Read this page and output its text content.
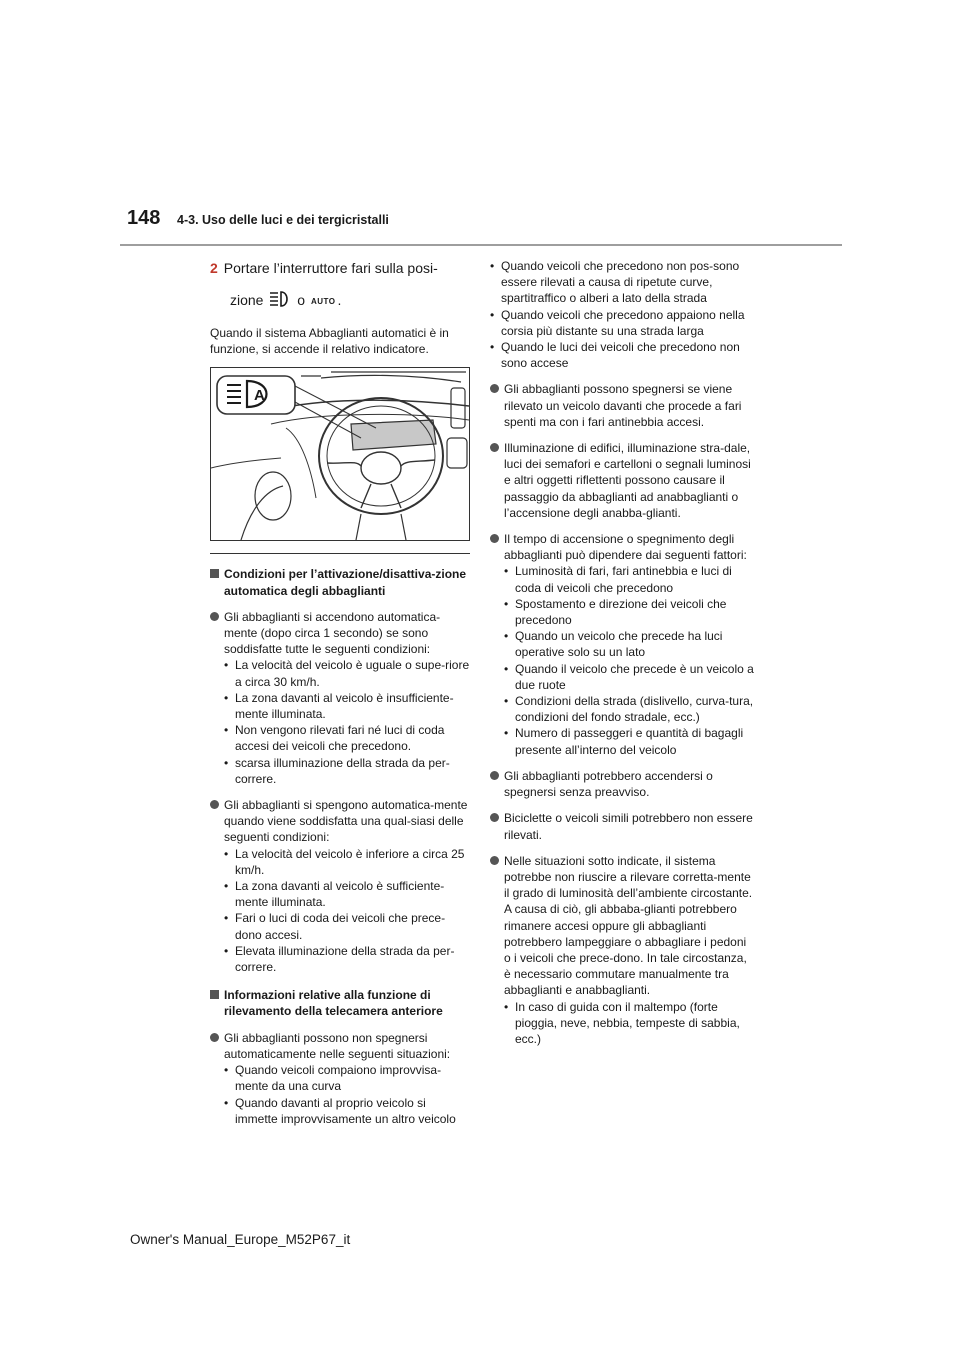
148 4-3. Uso delle luci e dei tergicristalli

2 Portare l’interruttore fari sulla posi-
zione o AUTO .

Quando il sistema Abbaglianti automatici è in funzione, si accende il relativo indicatore.

A

Condizioni per l’attivazione/disattiva-zione automatica degli abbaglianti

Gli abbaglianti si accendono automatica-mente (dopo circa 1 secondo) se sono soddisfatte tutte le seguenti condizioni:

• La velocità del veicolo è uguale o supe-riore a circa 30 km/h.

• La zona davanti al veicolo è insufficiente-mente illuminata.

• Non vengono rilevati fari né luci di coda accesi dei veicoli che precedono.

• scarsa illuminazione della strada da per-correre.

Gli abbaglianti si spengono automatica-mente quando viene soddisfatta una qual-siasi delle seguenti condizioni:

• La velocità del veicolo è inferiore a circa 25 km/h.

• La zona davanti al veicolo è sufficiente-mente illuminata.

• Fari o luci di coda dei veicoli che prece-dono accesi.

• Elevata illuminazione della strada da per-correre.

Informazioni relative alla funzione di rilevamento della telecamera anteriore

Gli abbaglianti possono non spegnersi automaticamente nelle seguenti situazioni:

• Quando veicoli compaiono improvvisa-mente da una curva

• Quando davanti al proprio veicolo si immette improvvisamente un altro veicolo

• Quando veicoli che precedono non pos-sono essere rilevati a causa di ripetute curve, spartitraffico o alberi a lato della strada

• Quando veicoli che precedono appaiono nella corsia più distante su una strada larga

• Quando le luci dei veicoli che precedono non sono accese

Gli abbaglianti possono spegnersi se viene rilevato un veicolo davanti che procede a fari spenti ma con i fari antinebbia accesi.
Illuminazione di edifici, illuminazione stra-dale, luci dei semafori e cartelloni o segnali luminosi e altri oggetti riflettenti possono causare il passaggio da abbaglianti ad anabbaglianti o l’accensione degli anabba-glianti.

Il tempo di accensione o spegnimento degli abbaglianti può dipendere dai seguenti fattori:

• Luminosità di fari, fari antinebbia e luci di coda di veicoli che precedono

• Spostamento e direzione dei veicoli che precedono

• Quando un veicolo che precede ha luci operative solo su un lato

• Quando il veicolo che precede è un veicolo a due ruote

• Condizioni della strada (dislivello, curva-tura, condizioni del fondo stradale, ecc.)

• Numero di passeggeri e quantità di bagagli presente all’interno del veicolo

Gli abbaglianti potrebbero accendersi o spegnersi senza preavviso.
Biciclette o veicoli simili potrebbero non essere rilevati.

Nelle situazioni sotto indicate, il sistema potrebbe non riuscire a rilevare corretta-mente il grado di luminosità dell’ambiente circostante. A causa di ciò, gli abbaba-glianti potrebbero rimanere accesi oppure gli abbaglianti potrebbero lampeggiare o abbagliare i pedoni o i veicoli che prece-dono. In tale circostanza, è necessario commutare manualmente tra abbaglianti e anabbaglianti.

• In caso di guida con il maltempo (forte pioggia, neve, nebbia, tempeste di sabbia, ecc.)

Owner's Manual_Europe_M52P67_it
